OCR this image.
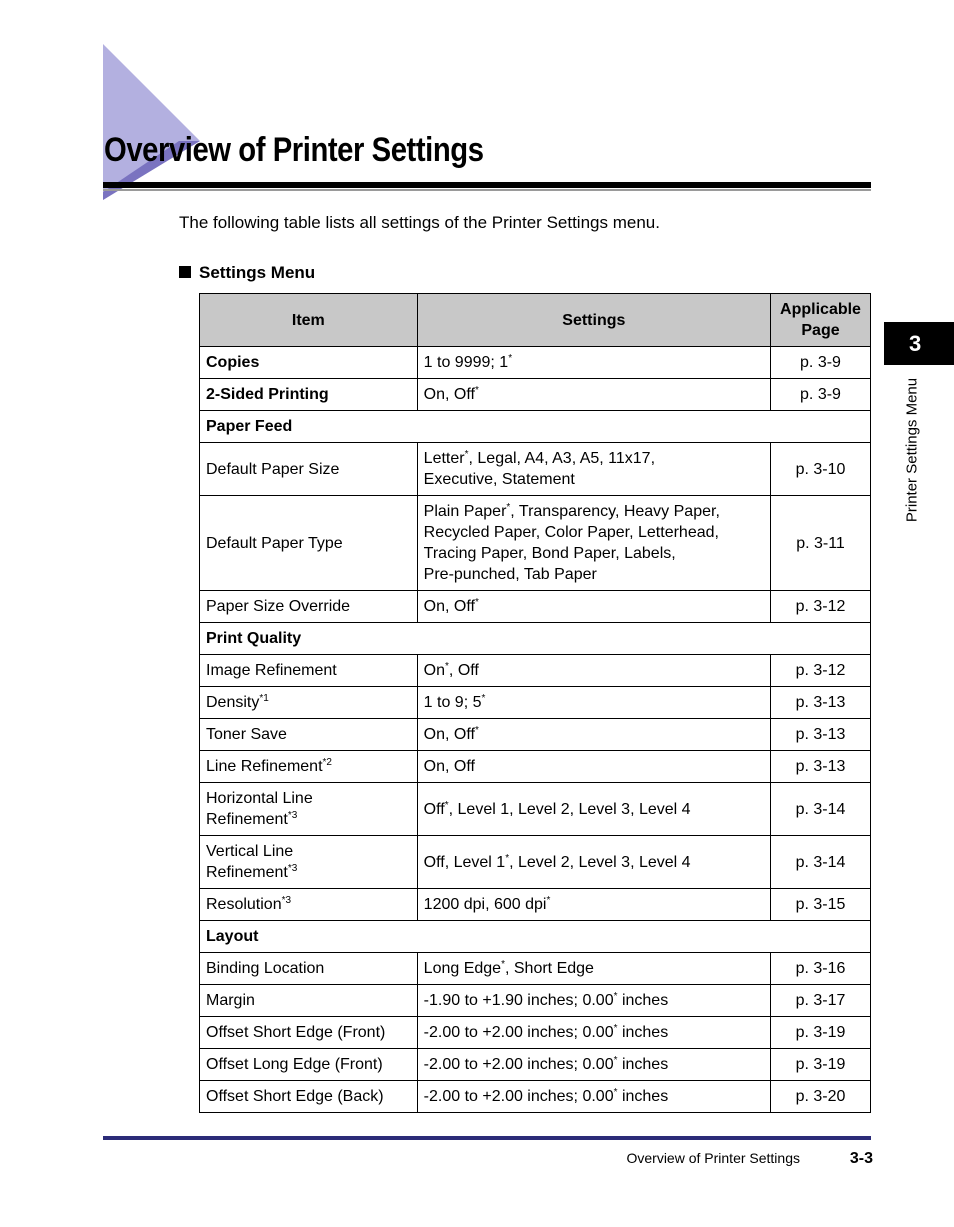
Overview of Printer Settings

The following table lists all settings of the Printer Settings menu.

Settings Menu
Item	Settings	Applicable
Page
Copies	1 to 9999; 1*	p. 3-9
2-Sided Printing	On, Off*	p. 3-9
Paper Feed		
Default Paper Size	Letter*, Legal, A4, A3, A5, 11x17,
Executive, Statement	p. 3-10
Default Paper Type	Plain Paper*, Transparency, Heavy Paper,
Recycled Paper, Color Paper, Letterhead,
Tracing Paper, Bond Paper, Labels,
Pre-punched, Tab Paper	p. 3-11
Paper Size Override	On, Off*	p. 3-12
Print Quality		
Image Refinement	On*, Off	p. 3-12
Density$^{*1}$	1 to 9; 5*	p. 3-13
Toner Save	On, Off*	p. 3-13
Line Refinement$^{*2}$	On, Off	p. 3-13
Horizontal Line
Refinement$^{*3}$	Off*, Level 1, Level 2, Level 3, Level 4	p. 3-14
Vertical Line
Refinement$^{*3}$	Off, Level 1*, Level 2, Level 3, Level 4	p. 3-14
Resolution$^{*3}$	1200 dpi, 600 dpi*	p. 3-15
Layout		
Binding Location	Long Edge*, Short Edge	p. 3-16
Margin	-1.90 to +1.90 inches; 0.00* inches	p. 3-17
Offset Short Edge (Front)	-2.00 to +2.00 inches; 0.00* inches	p. 3-19
Offset Long Edge (Front)	-2.00 to +2.00 inches; 0.00* inches	p. 3-19
Offset Short Edge (Back)	-2.00 to +2.00 inches; 0.00* inches	p. 3-20
3
Printer Settings Menu
Overview of Printer Settings	3-3
